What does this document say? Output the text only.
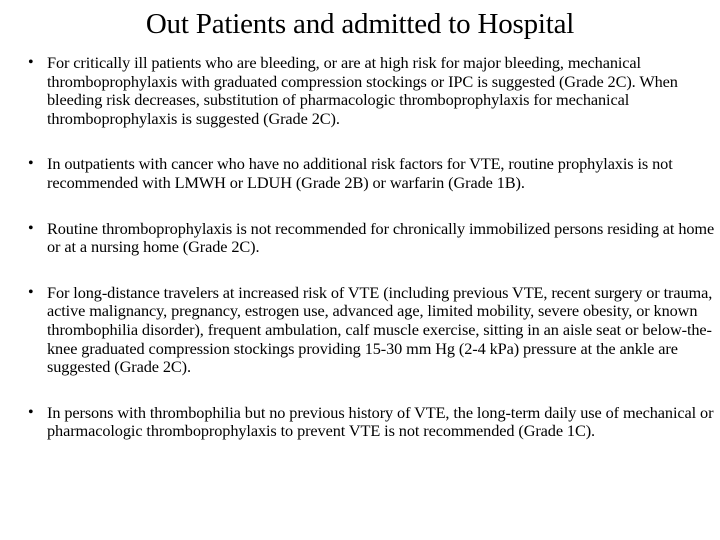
Out Patients and admitted to Hospital
• For critically ill patients who are bleeding, or are at high risk for major bleeding, mechanical thromboprophylaxis with graduated compression stockings or IPC is suggested (Grade 2C). When bleeding risk decreases, substitution of pharmacologic thromboprophylaxis for mechanical thromboprophylaxis is suggested (Grade 2C).
• In outpatients with cancer who have no additional risk factors for VTE, routine prophylaxis is not recommended with LMWH or LDUH (Grade 2B) or warfarin (Grade 1B).
• Routine thromboprophylaxis is not recommended for chronically immobilized persons residing at home or at a nursing home (Grade 2C).
• For long-distance travelers at increased risk of VTE (including previous VTE, recent surgery or trauma, active malignancy, pregnancy, estrogen use, advanced age, limited mobility, severe obesity, or known thrombophilia disorder), frequent ambulation, calf muscle exercise, sitting in an aisle seat or below-the-knee graduated compression stockings providing 15-30 mm Hg (2-4 kPa) pressure at the ankle are suggested (Grade 2C).
• In persons with thrombophilia but no previous history of VTE, the long-term daily use of mechanical or pharmacologic thromboprophylaxis to prevent VTE is not recommended (Grade 1C).
